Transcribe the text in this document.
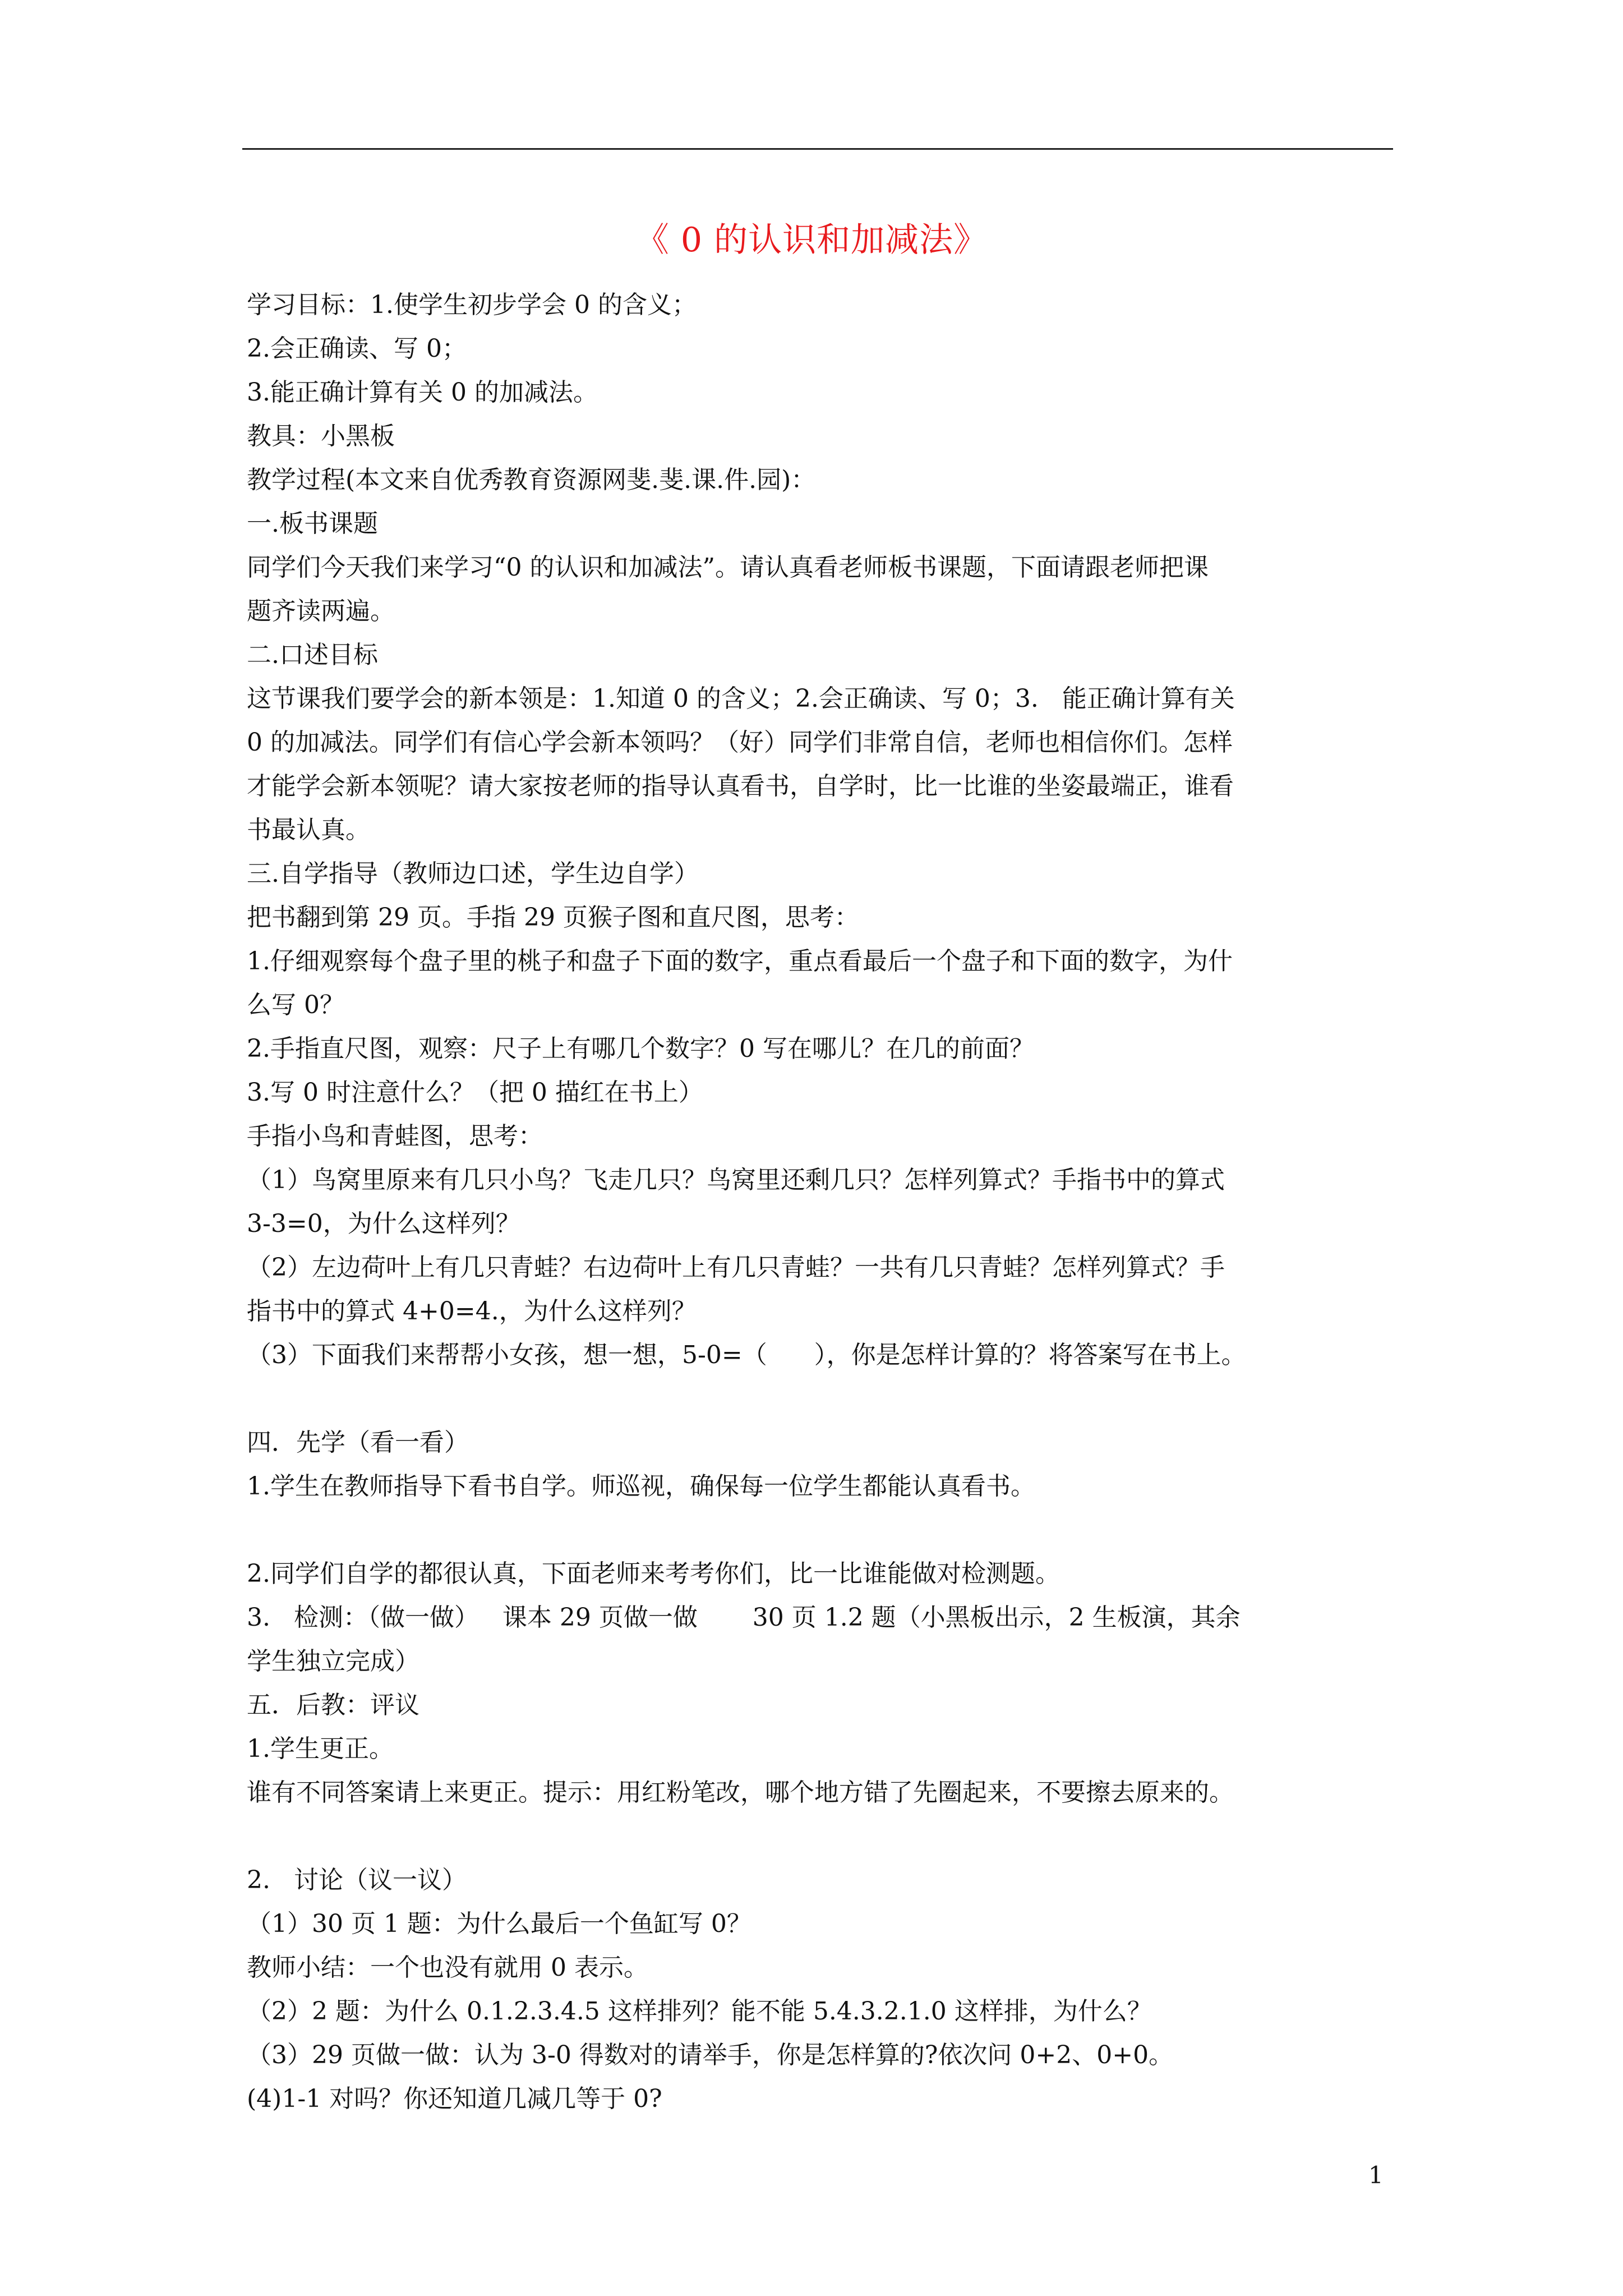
《 0 的认识和加减法》
学习目标：1.使学生初步学会 0 的含义；
2.会正确读、写 0；
3.能正确计算有关 0 的加减法。
教具：小黑板
教学过程(本文来自优秀教育资源网斐.斐.课.件.园)：
一.板书课题
同学们今天我们来学习“0 的认识和加减法”。请认真看老师板书课题，下面请跟老师把课
题齐读两遍。
二.口述目标
这节课我们要学会的新本领是：1.知道 0 的含义；2.会正确读、写 0；3.   能正确计算有关
0 的加减法。同学们有信心学会新本领吗？（好）同学们非常自信，老师也相信你们。怎样
才能学会新本领呢？请大家按老师的指导认真看书，自学时，比一比谁的坐姿最端正，谁看
书最认真。
三.自学指导（教师边口述，学生边自学）
把书翻到第 29 页。手指 29 页猴子图和直尺图，思考：
1.仔细观察每个盘子里的桃子和盘子下面的数字，重点看最后一个盘子和下面的数字，为什
么写 0？
2.手指直尺图，观察：尺子上有哪几个数字？0 写在哪儿？在几的前面？
3.写 0 时注意什么？（把 0 描红在书上）
手指小鸟和青蛙图，思考：
（1）鸟窝里原来有几只小鸟？飞走几只？鸟窝里还剩几只？怎样列算式？手指书中的算式
3-3=0，为什么这样列？
（2）左边荷叶上有几只青蛙？右边荷叶上有几只青蛙？一共有几只青蛙？怎样列算式？手
指书中的算式 4+0=4.，为什么这样列？
（3）下面我们来帮帮小女孩，想一想，5-0=（      ），你是怎样计算的？将答案写在书上。
四．先学（看一看）
1.学生在教师指导下看书自学。师巡视，确保每一位学生都能认真看书。
2.同学们自学的都很认真，下面老师来考考你们，比一比谁能做对检测题。
3.   检测：（做一做）   课本 29 页做一做       30 页 1.2 题（小黑板出示，2 生板演，其余
学生独立完成）
五．后教：评议
1.学生更正。
谁有不同答案请上来更正。提示：用红粉笔改，哪个地方错了先圈起来，不要擦去原来的。
2.   讨论（议一议）
（1）30 页 1 题：为什么最后一个鱼缸写 0？
教师小结：一个也没有就用 0 表示。
（2）2 题：为什么 0.1.2.3.4.5 这样排列？能不能 5.4.3.2.1.0 这样排，为什么？
（3）29 页做一做：认为 3-0 得数对的请举手，你是怎样算的?依次问 0+2、0+0。
(4)1-1 对吗？你还知道几减几等于 0?
1
